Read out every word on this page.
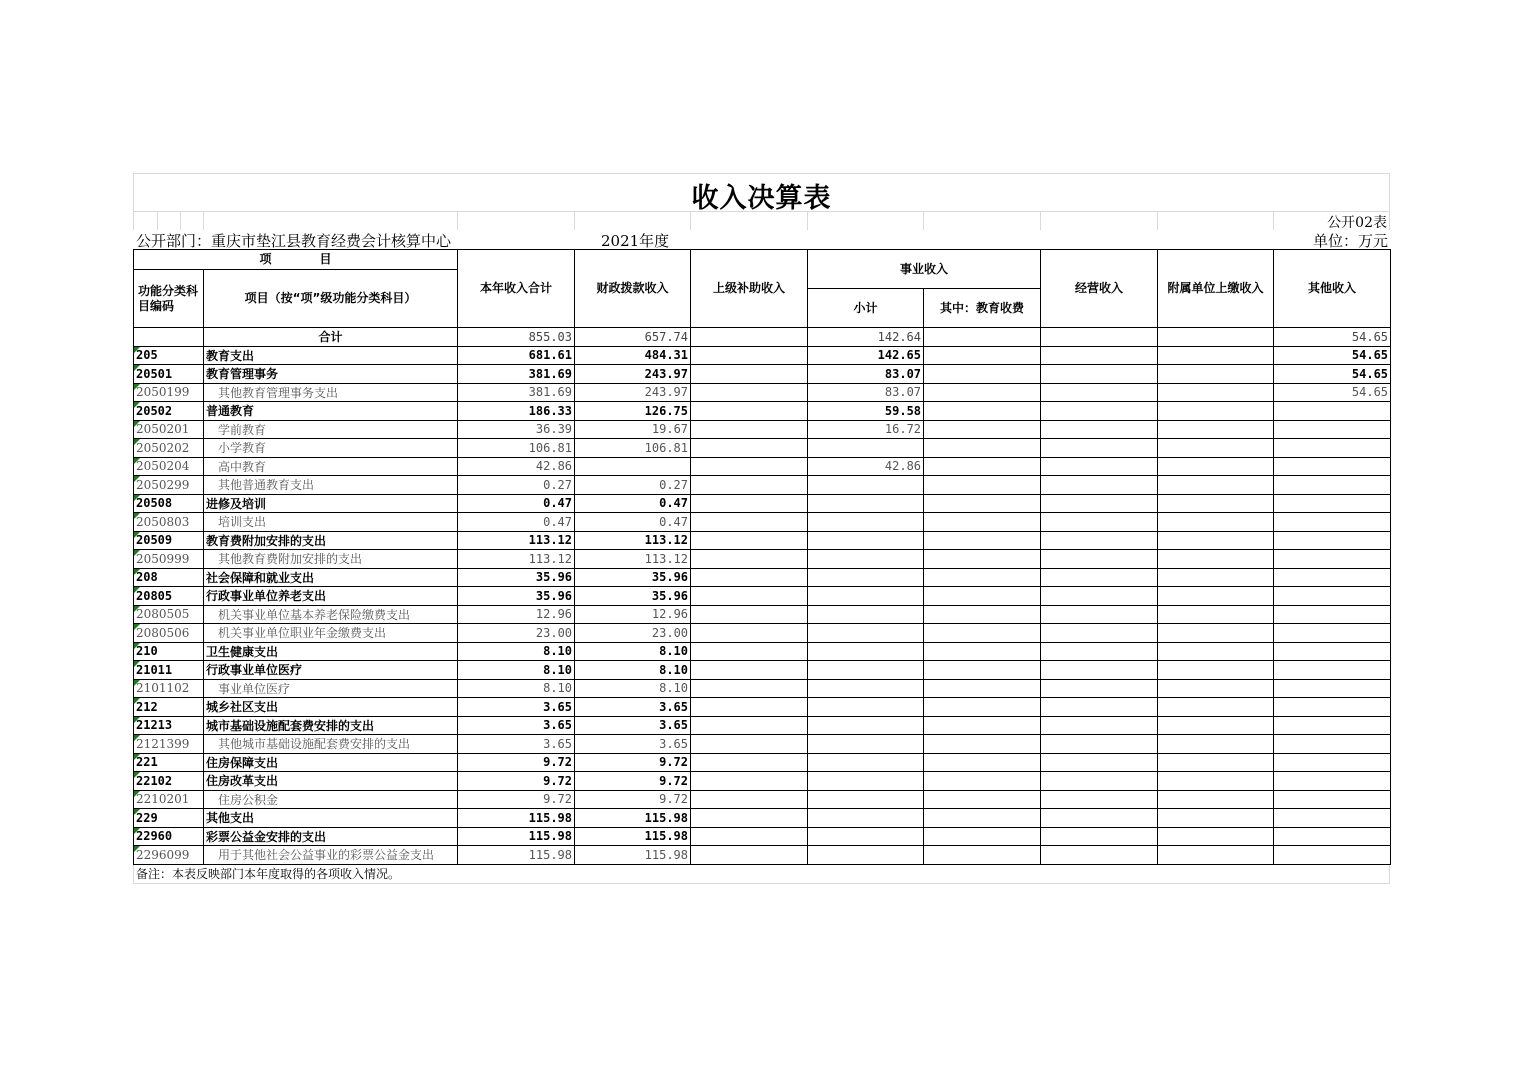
收入决算表
公开02表
公开部门：重庆市垫江县教育经费会计核算中心	2021年度	单位：万元
项　　　　目		本年收入合计	财政拨款收入	上级补助收入	事业收入		经营收入	附属单位上缴收入	其他收入
功能分类科目编码	项目（按“项”级功能分类科目）								
					小计	其中：教育收费			
	合计	855.03	657.74		142.64				54.65
205	教育支出	681.61	484.31		142.65				54.65
20501	教育管理事务	381.69	243.97		83.07				54.65
2050199	其他教育管理事务支出	381.69	243.97		83.07				54.65
20502	普通教育	186.33	126.75		59.58				
2050201	学前教育	36.39	19.67		16.72				
2050202	小学教育	106.81	106.81						
2050204	高中教育	42.86			42.86				
2050299	其他普通教育支出	0.27	0.27						
20508	进修及培训	0.47	0.47						
2050803	培训支出	0.47	0.47						
20509	教育费附加安排的支出	113.12	113.12						
2050999	其他教育费附加安排的支出	113.12	113.12						
208	社会保障和就业支出	35.96	35.96						
20805	行政事业单位养老支出	35.96	35.96						
2080505	机关事业单位基本养老保险缴费支出	12.96	12.96						
2080506	机关事业单位职业年金缴费支出	23.00	23.00						
210	卫生健康支出	8.10	8.10						
21011	行政事业单位医疗	8.10	8.10						
2101102	事业单位医疗	8.10	8.10						
212	城乡社区支出	3.65	3.65						
21213	城市基础设施配套费安排的支出	3.65	3.65						
2121399	其他城市基础设施配套费安排的支出	3.65	3.65						
221	住房保障支出	9.72	9.72						
22102	住房改革支出	9.72	9.72						
2210201	住房公积金	9.72	9.72						
229	其他支出	115.98	115.98						
22960	彩票公益金安排的支出	115.98	115.98						
2296099	用于其他社会公益事业的彩票公益金支出	115.98	115.98						
备注：本表反映部门本年度取得的各项收入情况。
